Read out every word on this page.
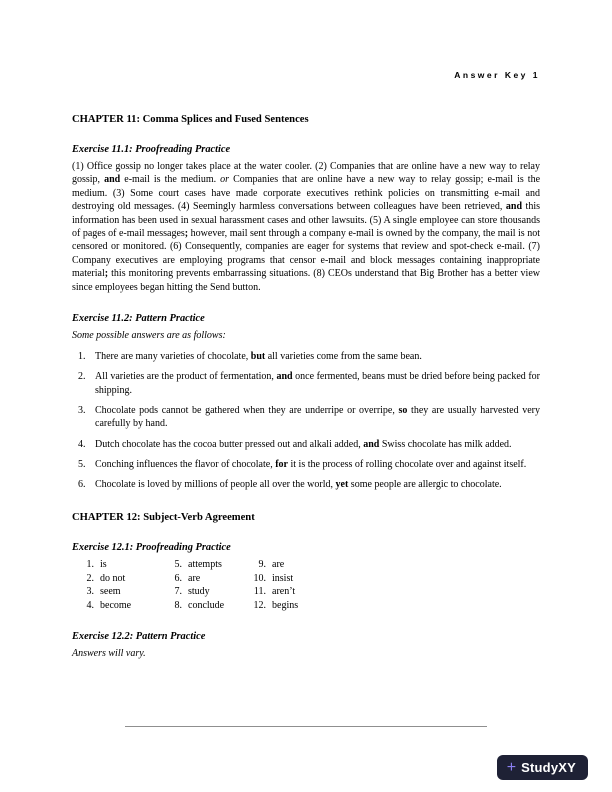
Answer Key 1
CHAPTER 11: Comma Splices and Fused Sentences
Exercise 11.1: Proofreading Practice
(1) Office gossip no longer takes place at the water cooler. (2) Companies that are online have a new way to relay gossip, and e-mail is the medium. or Companies that are online have a new way to relay gossip; e-mail is the medium. (3) Some court cases have made corporate executives rethink policies on transmitting e-mail and destroying old messages. (4) Seemingly harmless conversations between colleagues have been retrieved, and this information has been used in sexual harassment cases and other lawsuits. (5) A single employee can store thousands of pages of e-mail messages; however, mail sent through a company e-mail is owned by the company, the mail is not censored or monitored. (6) Consequently, companies are eager for systems that review and spot-check e-mail. (7) Company executives are employing programs that censor e-mail and block messages containing inappropriate material; this monitoring prevents embarrassing situations. (8) CEOs understand that Big Brother has a better view since employees began hitting the Send button.
Exercise 11.2: Pattern Practice
Some possible answers are as follows:
1. There are many varieties of chocolate, but all varieties come from the same bean.
2. All varieties are the product of fermentation, and once fermented, beans must be dried before being packed for shipping.
3. Chocolate pods cannot be gathered when they are underripe or overripe, so they are usually harvested very carefully by hand.
4. Dutch chocolate has the cocoa butter pressed out and alkali added, and Swiss chocolate has milk added.
5. Conching influences the flavor of chocolate, for it is the process of rolling chocolate over and against itself.
6. Chocolate is loved by millions of people all over the world, yet some people are allergic to chocolate.
CHAPTER 12: Subject-Verb Agreement
Exercise 12.1: Proofreading Practice
1. is	5. attempts	9. are
2. do not	6. are	10. insist
3. seem	7. study	11. aren’t
4. become	8. conclude	12. begins
Exercise 12.2: Pattern Practice
Answers will vary.
+ StudyXY
